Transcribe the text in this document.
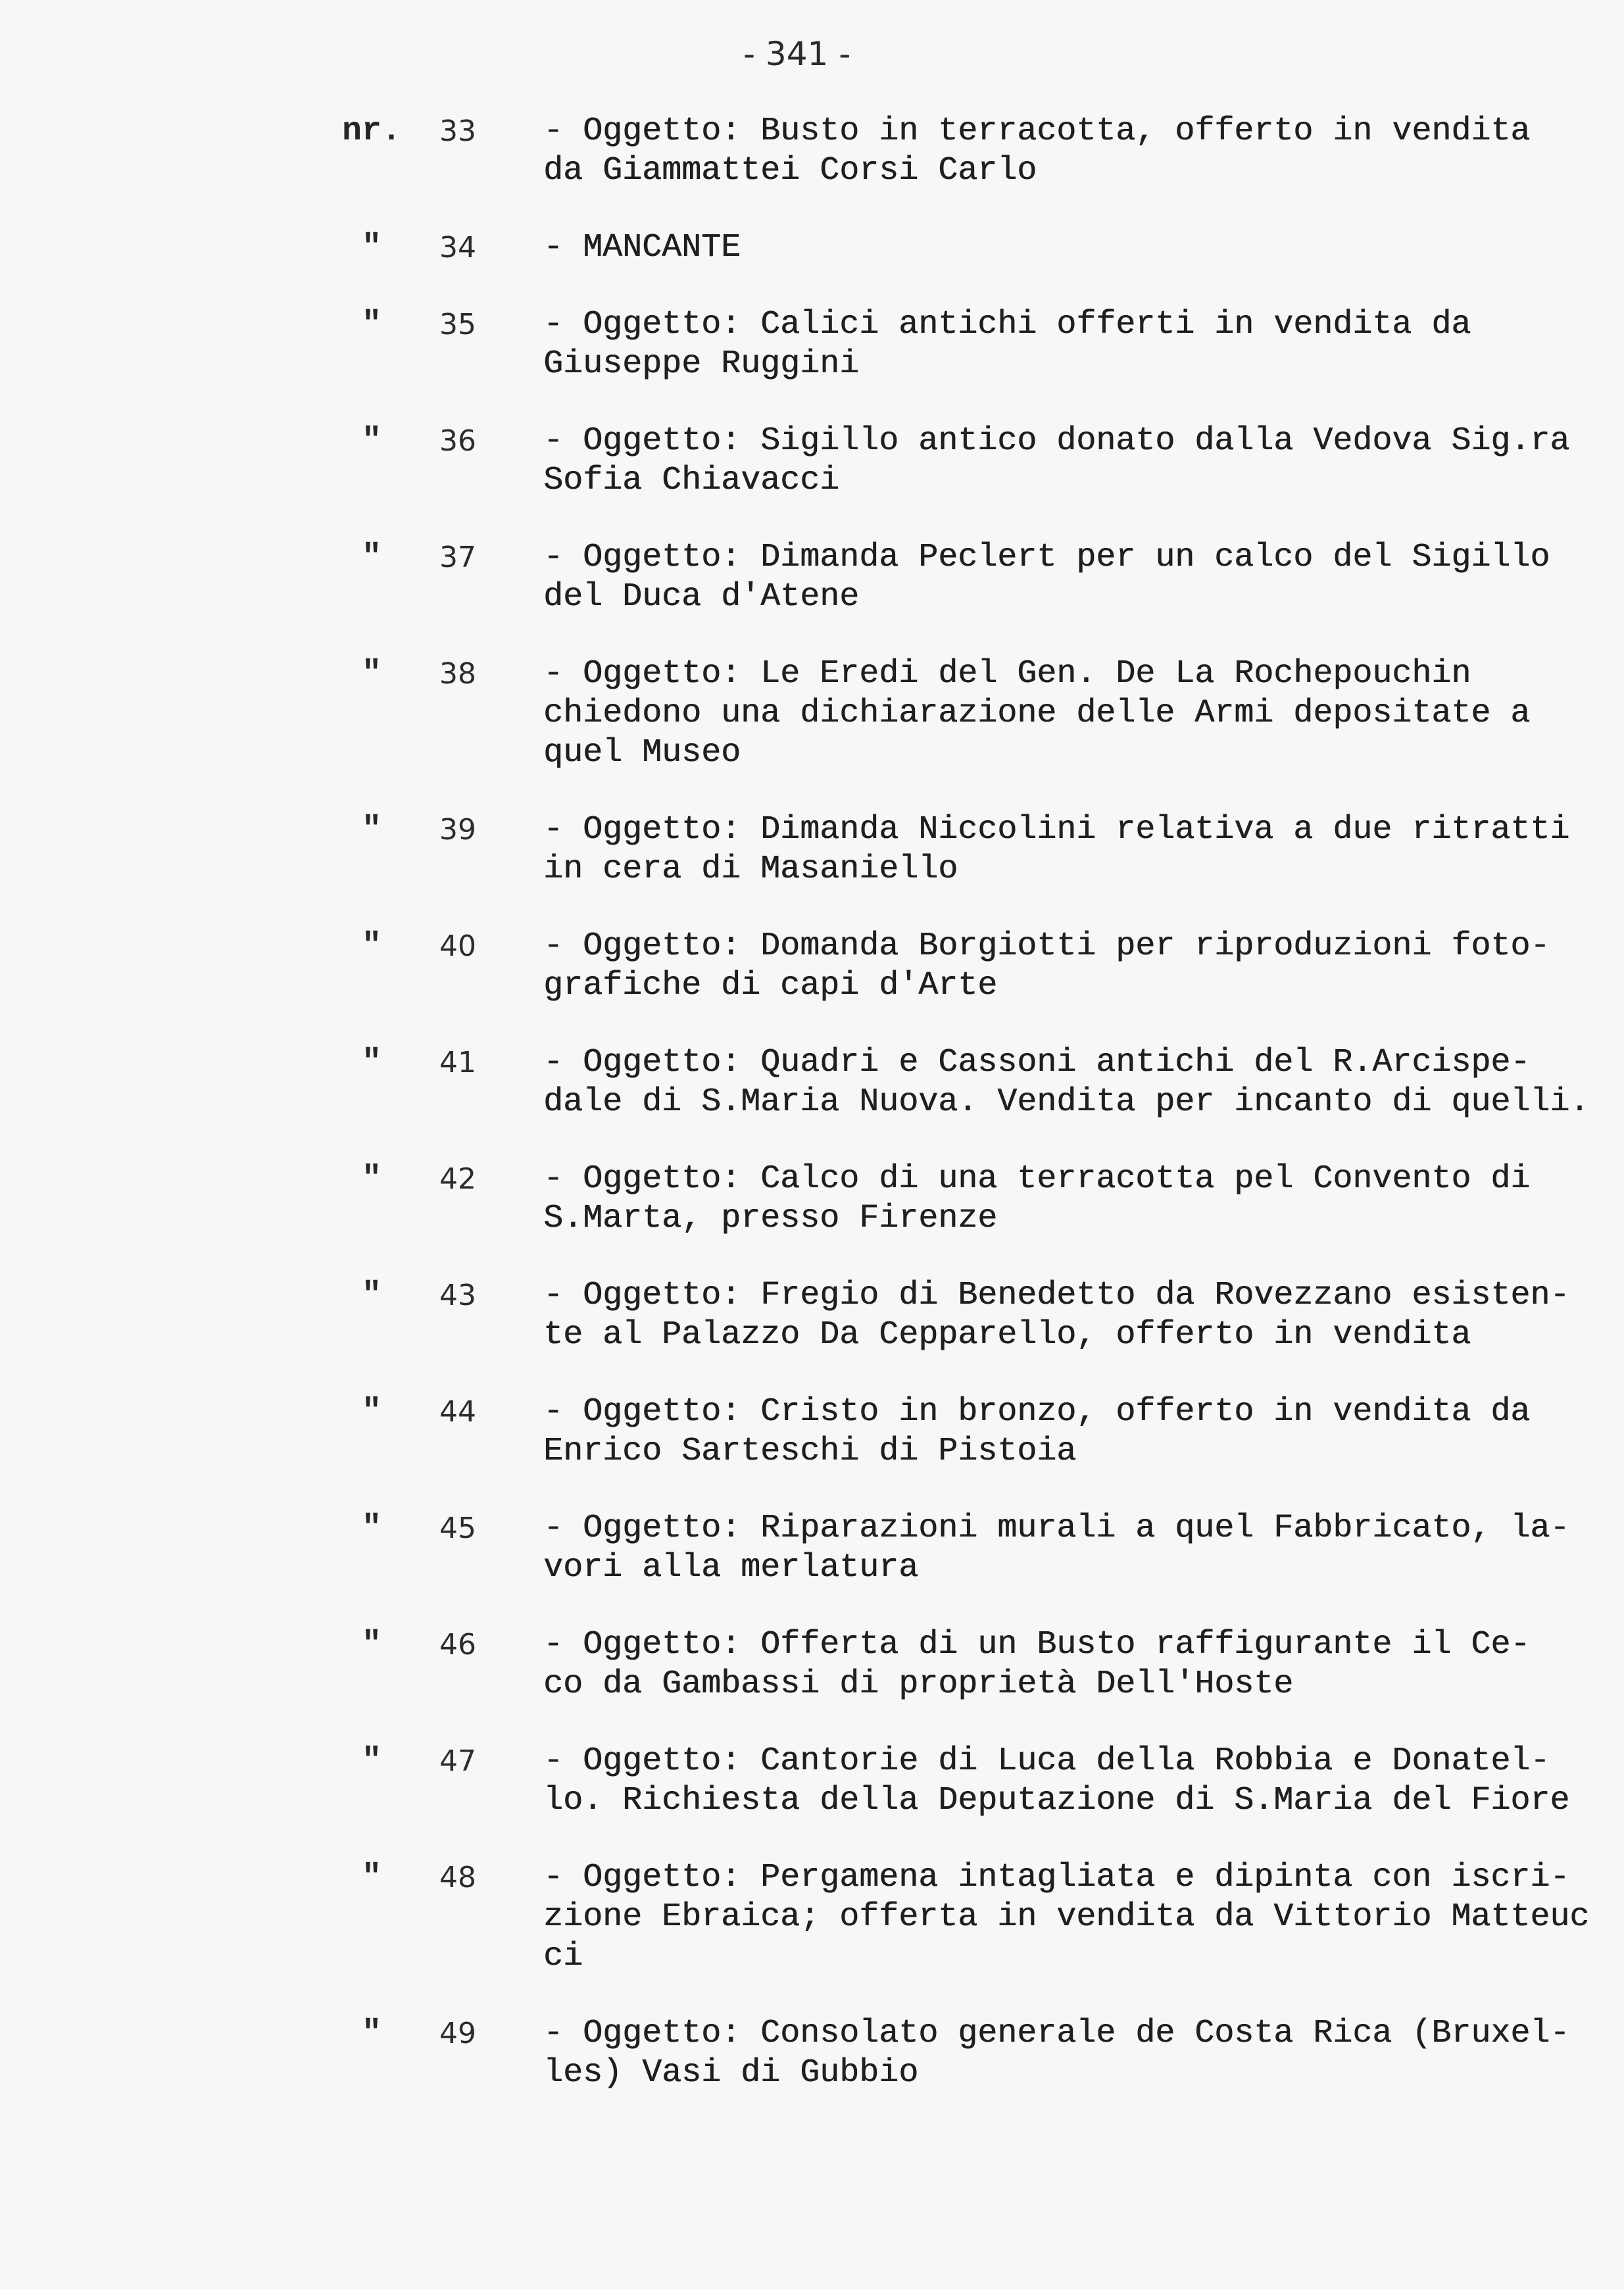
- 341 -
nr. 33 - Oggetto: Busto in terracotta, offerto in vendita
da Giammattei Corsi Carlo
"	34 - MANCANTE
"	35 - Oggetto: Calici antichi offerti in vendita da
Giuseppe Ruggini
"	36 - Oggetto: Sigillo antico donato dalla Vedova Sig.ra
Sofia Chiavacci
"	37 - Oggetto: Dimanda Peclert per un calco del Sigillo
del Duca d'Atene
"	38 - Oggetto: Le Eredi del Gen. De La Rochepouchin
chiedono una dichiarazione delle Armi depositate a
quel Museo
"	39 - Oggetto: Dimanda Niccolini relativa a due ritratti
in cera di Masaniello
"	40 - Oggetto: Domanda Borgiotti per riproduzioni foto-
grafiche di capi d'Arte
"	41 - Oggetto: Quadri e Cassoni antichi del R.Arcispe-
dale di S.Maria Nuova. Vendita per incanto di quelli.
"	42 - Oggetto: Calco di una terracotta pel Convento di
S.Marta, presso Firenze
"	43 - Oggetto: Fregio di Benedetto da Rovezzano esisten-
te al Palazzo Da Cepparello, offerto in vendita
"	44 - Oggetto: Cristo in bronzo, offerto in vendita da
Enrico Sarteschi di Pistoia
"	45 - Oggetto: Riparazioni murali a quel Fabbricato, la-
vori alla merlatura
"	46 - Oggetto: Offerta di un Busto raffigurante il Ce-
co da Gambassi di proprietà Dell'Hoste
"	47 - Oggetto: Cantorie di Luca della Robbia e Donatel-
lo. Richiesta della Deputazione di S.Maria del Fiore
"	48 - Oggetto: Pergamena intagliata e dipinta con iscri-
zione Ebraica; offerta in vendita da Vittorio Matteuc
ci
"	49 - Oggetto: Consolato generale de Costa Rica (Bruxel-
les) Vasi di Gubbio
